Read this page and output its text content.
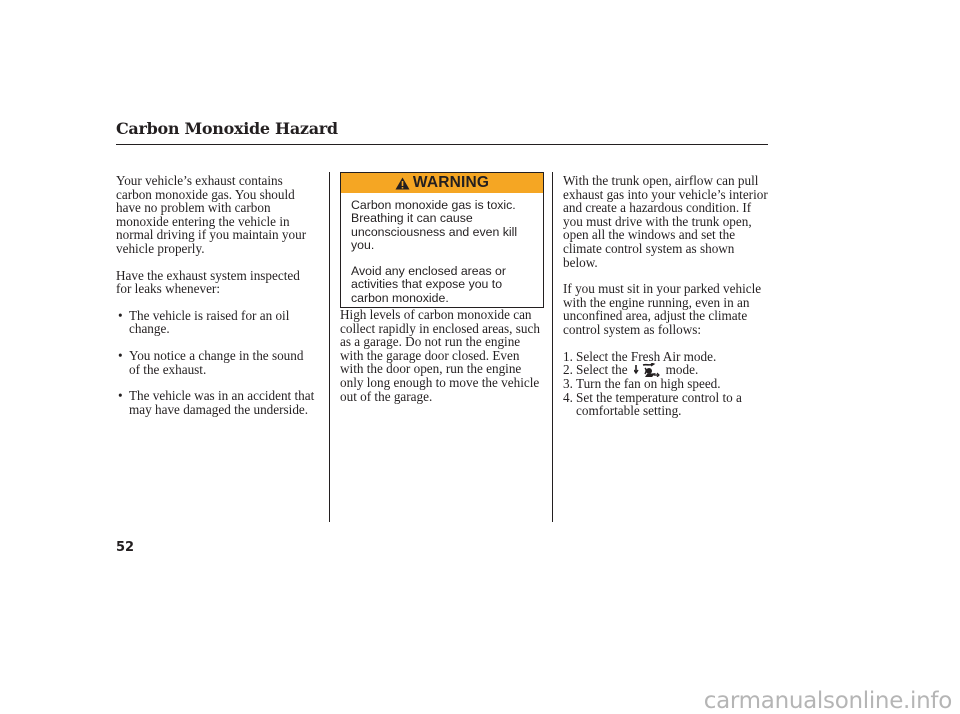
Carbon Monoxide Hazard

Your vehicle’s exhaust contains carbon monoxide gas. You should have no problem with carbon monoxide entering the vehicle in normal driving if you maintain your vehicle properly.

Have the exhaust system inspected for leaks whenever:

• The vehicle is raised for an oil change.
• You notice a change in the sound of the exhaust.
• The vehicle was in an accident that may have damaged the underside.
WARNING

Carbon monoxide gas is toxic. Breathing it can cause unconsciousness and even kill you.

Avoid any enclosed areas or activities that expose you to carbon monoxide.

High levels of carbon monoxide can collect rapidly in enclosed areas, such as a garage. Do not run the engine with the garage door closed. Even with the door open, run the engine only long enough to move the vehicle out of the garage.

With the trunk open, airflow can pull exhaust gas into your vehicle’s interior and create a hazardous condition. If you must drive with the trunk open, open all the windows and set the climate control system as shown below.

If you must sit in your parked vehicle with the engine running, even in an unconfined area, adjust the climate control system as follows:

1. Select the Fresh Air mode.
2. Select the	mode.
3. Turn the fan on high speed.
4. Set the temperature control to a comfortable setting.
52
carmanualsonline.info
